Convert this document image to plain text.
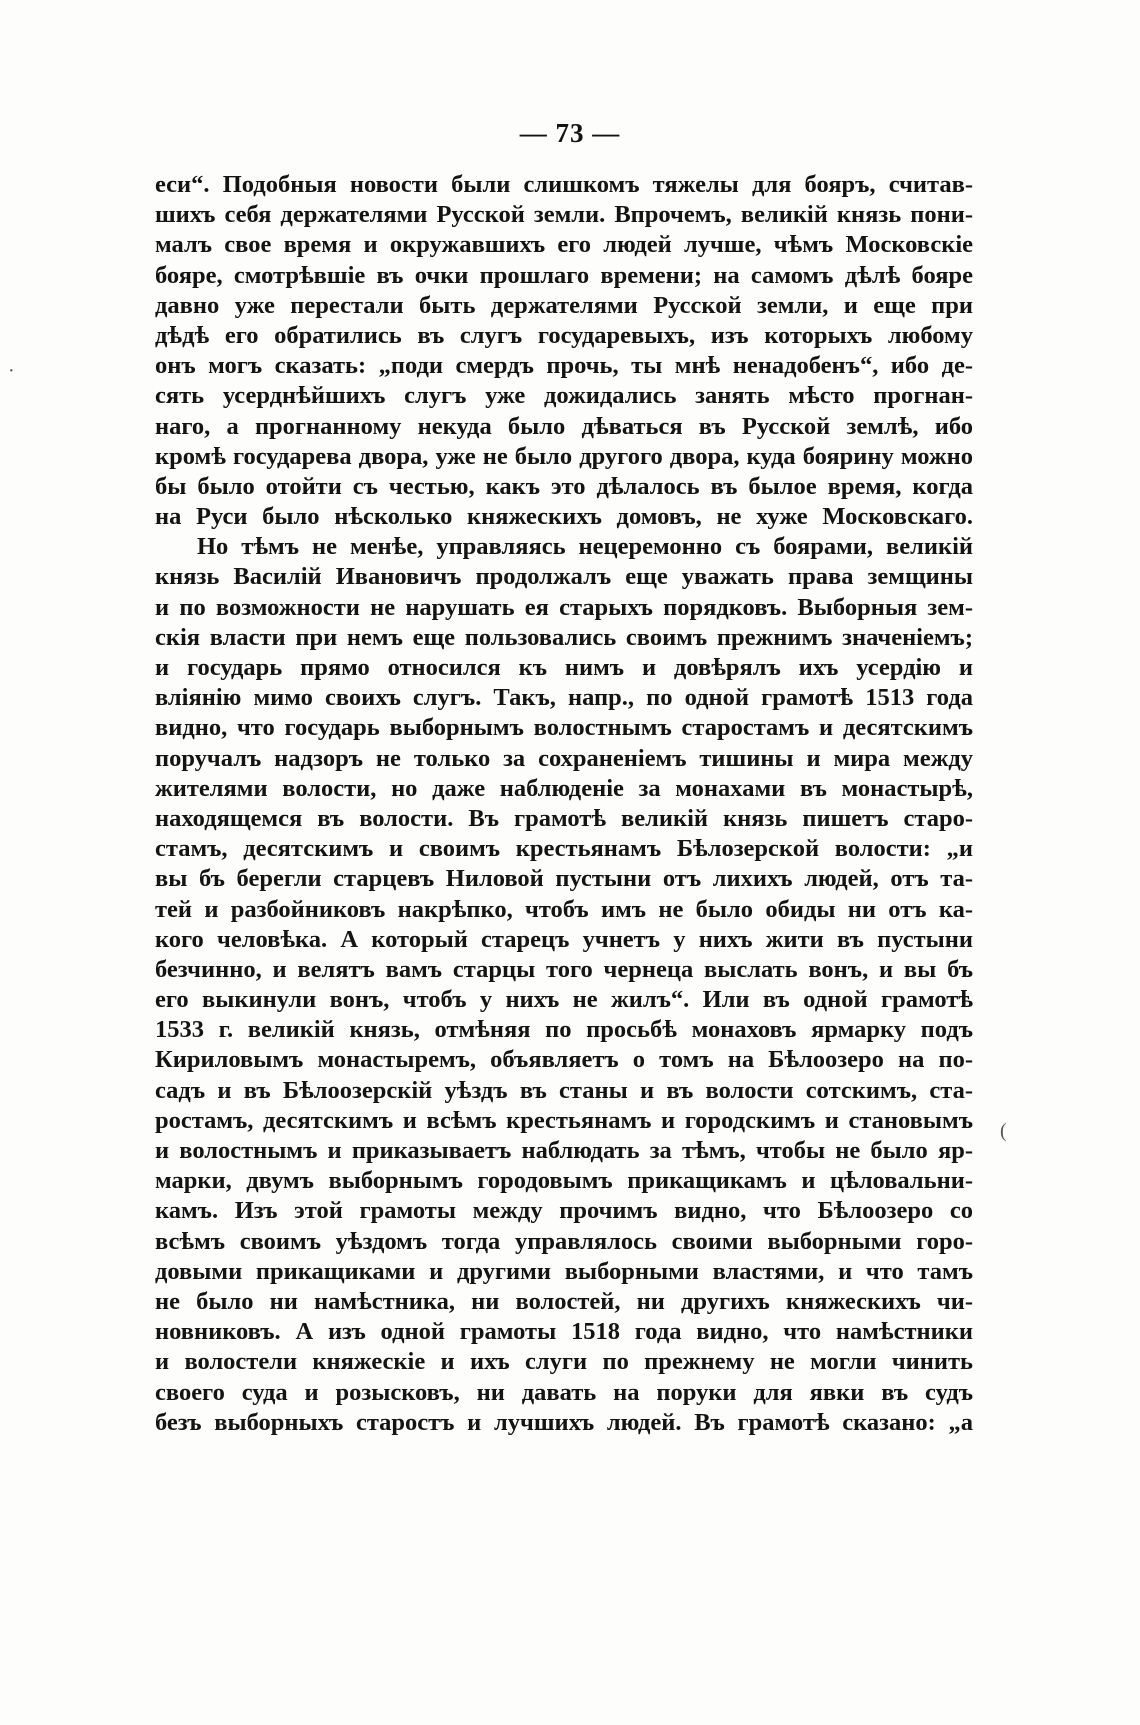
— 73 —

еси“. Подобныя новости были слишкомъ тяжелы для бояръ, считав-
шихъ себя держателями Русской земли. Впрочемъ, великій князь пони-
малъ свое время и окружавшихъ его людей лучше, чѣмъ Московскіе
бояре, смотрѣвшіе въ очки прошлаго времени; на самомъ дѣлѣ бояре
давно уже перестали быть держателями Русской земли, и еще при
дѣдѣ его обратились въ слугъ государевыхъ, изъ которыхъ любому
онъ могъ сказать: „поди смердъ прочь, ты мнѣ ненадобенъ“, ибо де-
сять усерднѣйшихъ слугъ уже дожидались занять мѣсто прогнан-
наго, а прогнанному некуда было дѣваться въ Русской землѣ, ибо
кромѣ государева двора, уже не было другого двора, куда боярину можно
бы было отойти съ честью, какъ это дѣлалось въ былое время, когда
на Руси было нѣсколько княжескихъ домовъ, не хуже Московскаго.

Но тѣмъ не менѣе, управляясь нецеремонно съ боярами, великій
князь Василій Ивановичъ продолжалъ еще уважать права земщины
и по возможности не нарушать ея старыхъ порядковъ. Выборныя зем-
скія власти при немъ еще пользовались своимъ прежнимъ значеніемъ;
и государь прямо относился къ нимъ и довѣрялъ ихъ усердію и
вліянію мимо своихъ слугъ. Такъ, напр., по одной грамотѣ 1513 года
видно, что государь выборнымъ волостнымъ старостамъ и десятскимъ
поручалъ надзоръ не только за сохраненіемъ тишины и мира между
жителями волости, но даже наблюденіе за монахами въ монастырѣ,
находящемся въ волости. Въ грамотѣ великій князь пишетъ старо-
стамъ, десятскимъ и своимъ крестьянамъ Бѣлозерской волости: „и
вы бъ берегли старцевъ Ниловой пустыни отъ лихихъ людей, отъ та-
тей и разбойниковъ накрѣпко, чтобъ имъ не было обиды ни отъ ка-
кого человѣка. А который старецъ учнетъ у нихъ жити въ пустыни
безчинно, и велятъ вамъ старцы того чернеца выслать вонъ, и вы бъ
его выкинули вонъ, чтобъ у нихъ не жилъ“. Или въ одной грамотѣ
1533 г. великій князь, отмѣняя по просьбѣ монаховъ ярмарку подъ
Кириловымъ монастыремъ, объявляетъ о томъ на Бѣлоозеро на по-
садъ и въ Бѣлоозерскій уѣздъ въ станы и въ волости сотскимъ, ста-
ростамъ, десятскимъ и всѣмъ крестьянамъ и городскимъ и становымъ
и волостнымъ и приказываетъ наблюдать за тѣмъ, чтобы не было яр-
марки, двумъ выборнымъ городовымъ прикащикамъ и цѣловальни-
камъ. Изъ этой грамоты между прочимъ видно, что Бѣлоозеро со
всѣмъ своимъ уѣздомъ тогда управлялось своими выборными горо-
довыми прикащиками и другими выборными властями, и что тамъ
не было ни намѣстника, ни волостей, ни другихъ княжескихъ чи-
новниковъ. А изъ одной грамоты 1518 года видно, что намѣстники
и волостели княжескіе и ихъ слуги по прежнему не могли чинить
своего суда и розысковъ, ни давать на поруки для явки въ судъ
безъ выборныхъ старостъ и лучшихъ людей. Въ грамотѣ сказано: „а

·
(
